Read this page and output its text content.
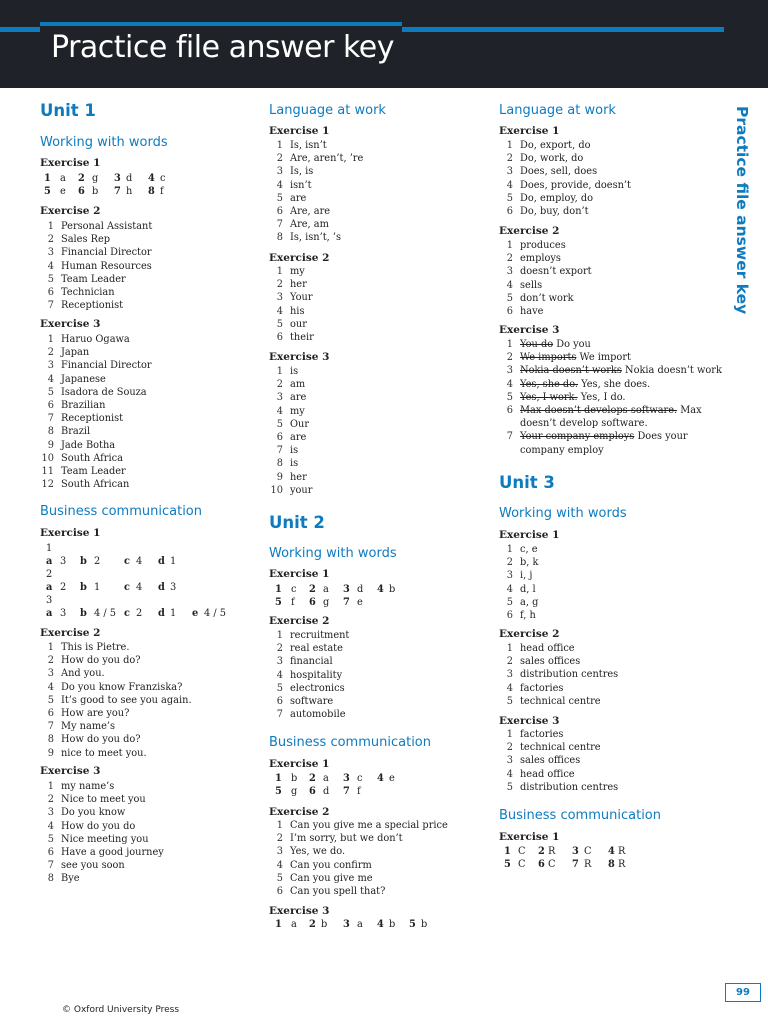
Practice file answer key
Practice file answer key
Unit 1
Working with words
Exercise 1
1 a 2 g 3 d 4 c
5 e 6 b 7 h 8 f
Exercise 2
1 Personal Assistant
2 Sales Rep
3 Financial Director
4 Human Resources
5 Team Leader
6 Technician
7 Receptionist
Exercise 3
1 Haruo Ogawa
2 Japan
3 Financial Director
4 Japanese
5 Isadora de Souza
6 Brazilian
7 Receptionist
8 Brazil
9 Jade Botha
10 South Africa
11 Team Leader
12 South African
Business communication
Exercise 1
1
a 3 b 2 c 4 d 1
2
a 2 b 1 c 4 d 3
3
a 3 b 4 / 5 c 2 d 1 e 4 / 5
Exercise 2
1 This is Pietre.
2 How do you do?
3 And you.
4 Do you know Franziska?
5 It’s good to see you again.
6 How are you?
7 My name’s
8 How do you do?
9 nice to meet you.
Exercise 3
1 my name’s
2 Nice to meet you
3 Do you know
4 How do you do
5 Nice meeting you
6 Have a good journey
7 see you soon
8 Bye
Language at work
Exercise 1
1 Is, isn’t
2 Are, aren’t, ’re
3 Is, is
4 isn’t
5 are
6 Are, are
7 Are, am
8 Is, isn’t, ’s
Exercise 2
1 my
2 her
3 Your
4 his
5 our
6 their
Exercise 3
1 is
2 am
3 are
4 my
5 Our
6 are
7 is
8 is
9 her
10 your
Unit 2
Working with words
Exercise 1
1 c 2 a 3 d 4 b
5 f 6 g 7 e
Exercise 2
1 recruitment
2 real estate
3 financial
4 hospitality
5 electronics
6 software
7 automobile
Business communication
Exercise 1
1 b 2 a 3 c 4 e
5 g 6 d 7 f
Exercise 2
1 Can you give me a special price
2 I’m sorry, but we don’t
3 Yes, we do.
4 Can you confirm
5 Can you give me
6 Can you spell that?
Exercise 3
1 a 2 b 3 a 4 b 5 b
Language at work
Exercise 1
1 Do, export, do
2 Do, work, do
3 Does, sell, does
4 Does, provide, doesn’t
5 Do, employ, do
6 Do, buy, don’t
Exercise 2
1 produces
2 employs
3 doesn’t export
4 sells
5 don’t work
6 have
Exercise 3
1 You do Do you
2 We imports We import
3 Nokia doesn’t works Nokia doesn’t work
4 Yes, she do. Yes, she does.
5 Yes, I work. Yes, I do.
6 Max doesn’t develops software. Max
doesn’t develop software.
7 Your company employs Does your
company employ
Unit 3
Working with words
Exercise 1
1 c, e
2 b, k
3 i, j
4 d, l
5 a, g
6 f, h
Exercise 2
1 head office
2 sales offices
3 distribution centres
4 factories
5 technical centre
Exercise 3
1 factories
2 technical centre
3 sales offices
4 head office
5 distribution centres
Business communication
Exercise 1
1 C 2 R 3 C 4 R
5 C 6 C 7 R 8 R
99
© Oxford University Press
